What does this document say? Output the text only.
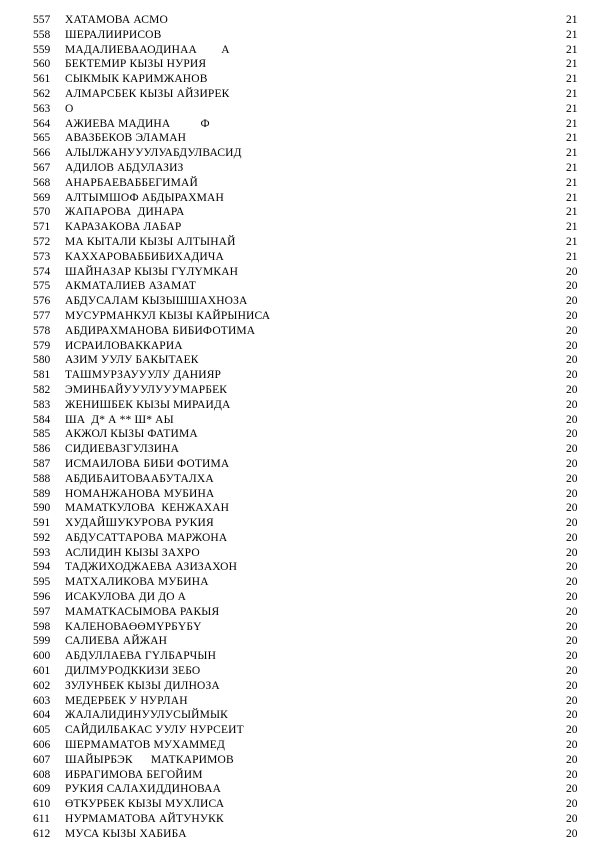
557 ХАТАМОВА АСМО	21
558 ШЕРАЛИИРИСОВ	21
559 МАДАЛИЕВААОДИНАА        А	21
560 БЕКТЕМИР КЫЗЫ НУРИЯ	21
561 СЫКМЫК КАРИМЖАНОВ	21
562 АЛМАРСБЕК КЫЗЫ АЙЗИРЕК	21
563 О	21
564 АЖИЕВА МАДИНА          Ф	21
565 АВАЗБЕКОВ ЭЛАМАН	21
566 АЛЫЛЖАНУУУЛУАБДУЛВАСИД	21
567 АДИЛОВ АБДУЛАЗИЗ	21
568 АНАРБАЕВАББЕГИМАЙ	21
569 АЛТЫМШОФ АБДЫРАХМАН	21
570 ЖАПАРОВА  ДИНАРА	21
571 КАРАЗАКОВА ЛАБАР	21
572 МА КЫТАЛИ КЫЗЫ АЛТЫНАЙ	21
573 КАХХАРОВАББИБИХАДИЧА	21
574 ШАЙНАЗАР КЫЗЫ ГҮЛҮМКАН	20
575 АКМАТАЛИЕВ АЗАМАТ	20
576 АБДУСАЛАМ КЫЗЫШШАХНОЗА	20
577 МУСУРМАНКУЛ КЫЗЫ КАЙРЫНИСА	20
578 АБДИРАХМАНОВА БИБИФОТИМА	20
579 ИСРАИЛОВАККАРИА	20
580 АЗИМ УУЛУ БАКЫТАЕК	20
581 ТАШМУРЗАУУУЛУ ДАНИЯР	20
582 ЭМИНБАЙУУУЛУУУМАРБЕК	20
583 ЖЕНИШБЕК КЫЗЫ МИРАИДА	20
584 ША  Д* А ** Ш* АЫ	20
585 АКЖОЛ КЫЗЫ ФАТИМА	20
586 СИДИЕВАЗГУЛЗИНА	20
587 ИСМАИЛОВА БИБИ ФОТИМА	20
588 АБДИБАИТОВААБУТАЛХА	20
589 НОМАНЖАНОВА МУБИНА	20
590 МАМАТКУЛОВА  КЕНЖАХАН	20
591 ХУДАЙШУКУРОВА РУКИЯ	20
592 АБДУСАТТАРОВА МАРЖОНА	20
593 АСЛИДИН КЫЗЫ ЗАХРО	20
594 ТАДЖИХОДЖАЕВА АЗИЗАХОН	20
595 МАТХАЛИКОВА МУБИНА	20
596 ИСАКУЛОВА ДИ ДО А	20
597 МАМАТКАСЫМОВА РАКЫЯ	20
598 КАЛЕНОВАӨӨМҮРБҮБҮ	20
599 САЛИЕВА АЙЖАН	20
600 АБДУЛЛАЕВА ГҮЛБАРЧЫН	20
601 ДИЛМУРОДККИЗИ ЗЕБО	20
602 ЗУЛУНБЕК КЫЗЫ ДИЛНОЗА	20
603 МЕДЕРБЕК У НУРЛАН	20
604 ЖАЛАЛИДИНУУЛУСЫЙМЫК	20
605 САЙДИЛБАКАС УУЛУ НУРСЕИТ	20
606 ШЕРМАМАТОВ МУХАММЕД	20
607 ШАЙЫРБЭК      МАТКАРИМОВ	20
608 ИБРАГИМОВА БЕГОЙИМ	20
609 РУКИЯ САЛАХИДДИНОВАА	20
610 ӨТКУРБЕК КЫЗЫ МУХЛИСА	20
611 НУРМАМАТОВА АЙТУНУКК	20
612 МУСА КЫЗЫ ХАБИБА	20
